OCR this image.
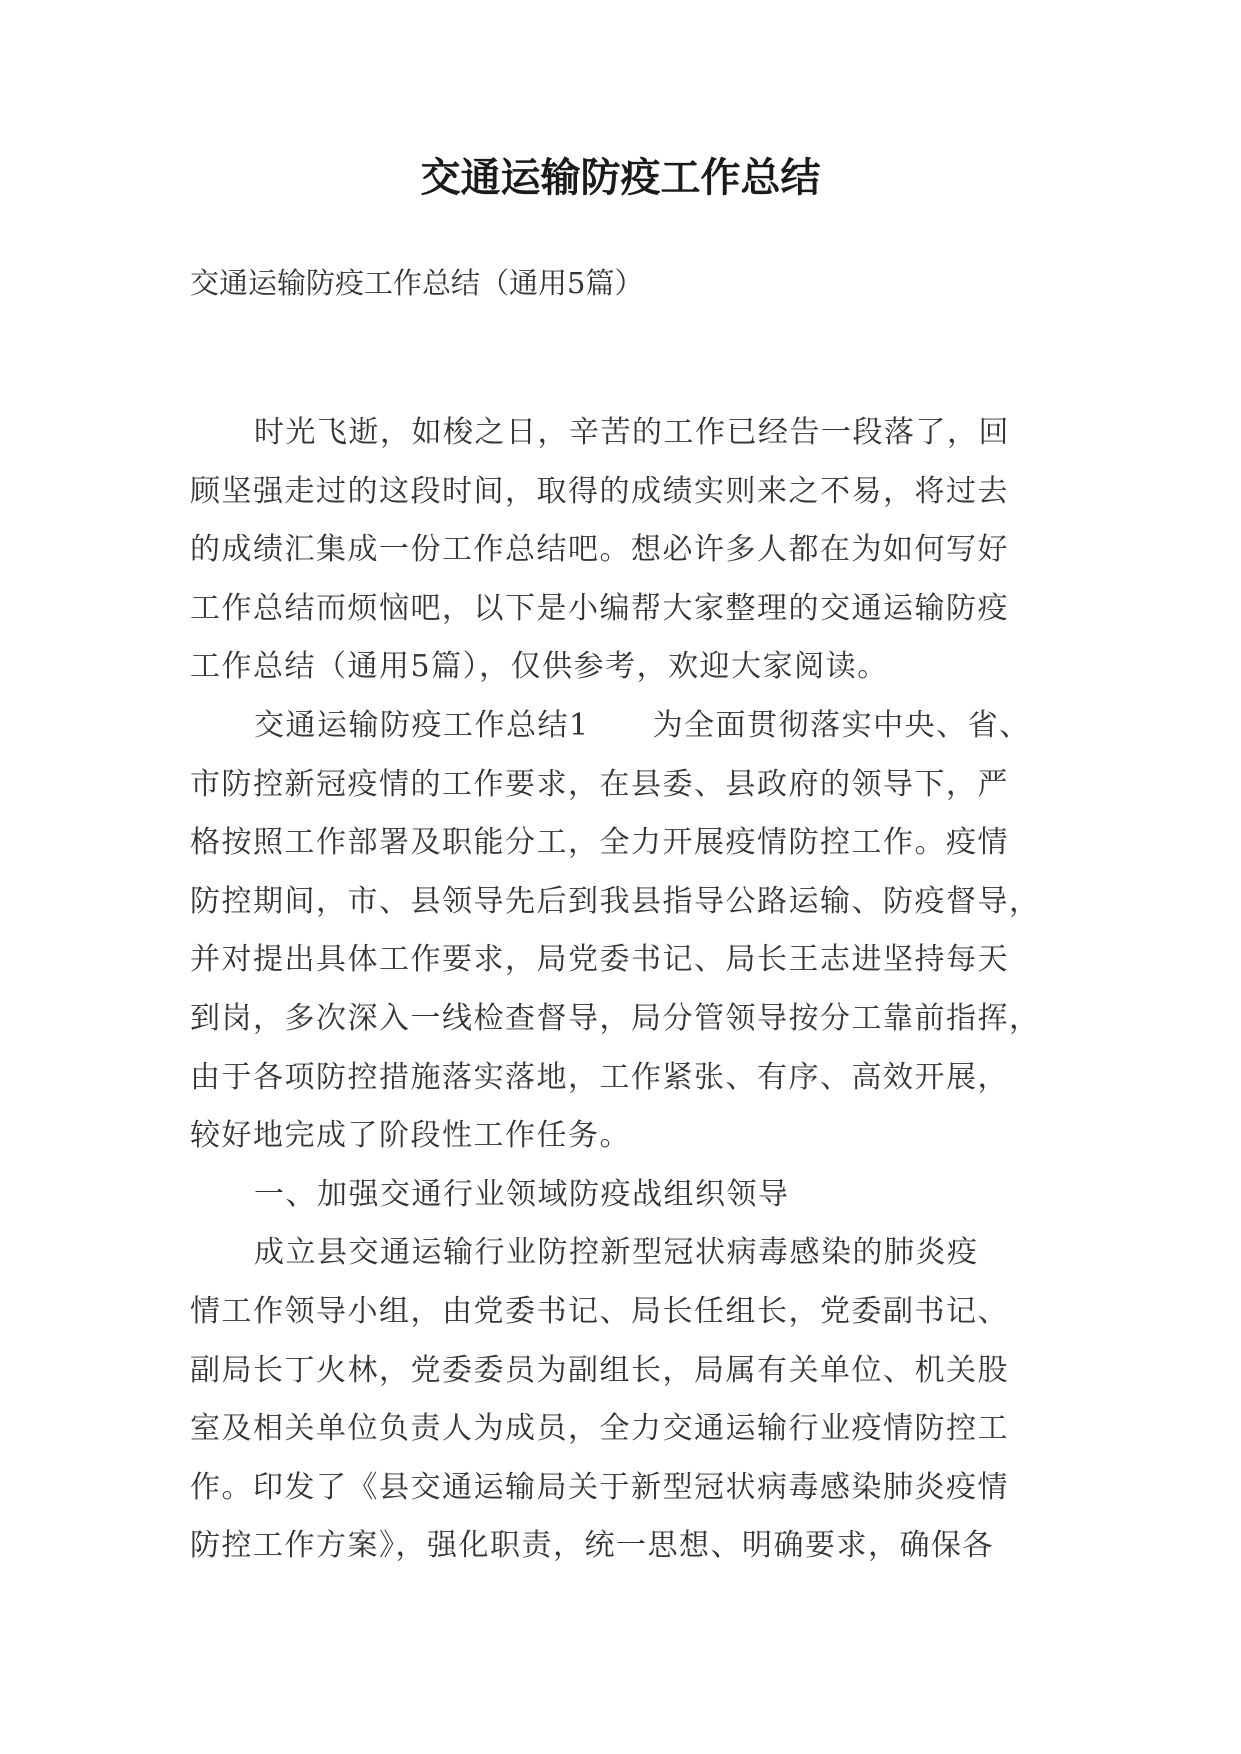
交通运输防疫工作总结

交通运输防疫工作总结（通用5篇）

时光飞逝，如梭之日，辛苦的工作已经告一段落了，回
顾坚强走过的这段时间，取得的成绩实则来之不易，将过去
的成绩汇集成一份工作总结吧。想必许多人都在为如何写好
工作总结而烦恼吧，以下是小编帮大家整理的交通运输防疫
工作总结（通用5篇），仅供参考，欢迎大家阅读。
交通运输防疫工作总结1　　为全面贯彻落实中央、省、
市防控新冠疫情的工作要求，在县委、县政府的领导下，严
格按照工作部署及职能分工，全力开展疫情防控工作。疫情
防控期间，市、县领导先后到我县指导公路运输、防疫督导，
并对提出具体工作要求，局党委书记、局长王志进坚持每天
到岗，多次深入一线检查督导，局分管领导按分工靠前指挥，
由于各项防控措施落实落地，工作紧张、有序、高效开展，
较好地完成了阶段性工作任务。
一、加强交通行业领域防疫战组织领导
成立县交通运输行业防控新型冠状病毒感染的肺炎疫
情工作领导小组，由党委书记、局长任组长，党委副书记、
副局长丁火林，党委委员为副组长，局属有关单位、机关股
室及相关单位负责人为成员，全力交通运输行业疫情防控工
作。印发了《县交通运输局关于新型冠状病毒感染肺炎疫情
防控工作方案》，强化职责，统一思想、明确要求，确保各
